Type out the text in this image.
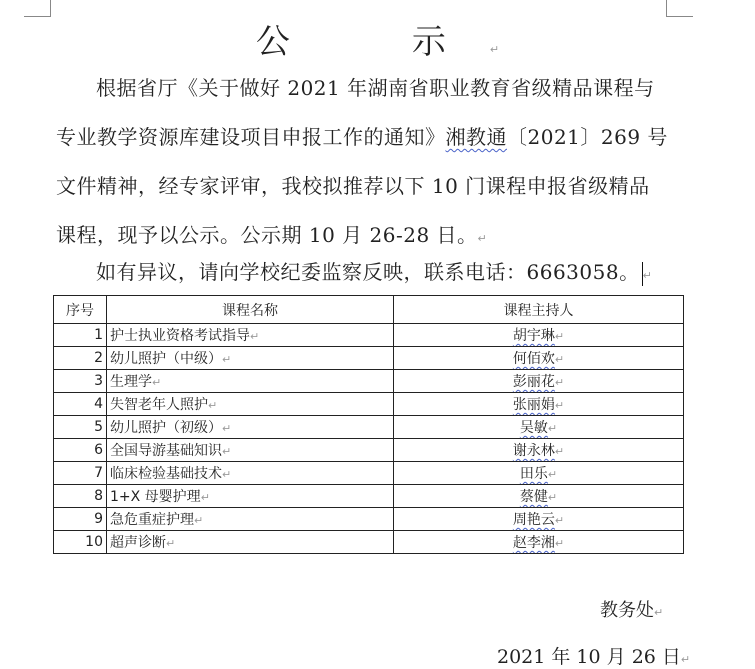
公　示↵
根据省厅《关于做好 2021 年湖南省职业教育省级精品课程与专业教学资源库建设项目申报工作的通知》湘教通〔2021〕269 号文件精神，经专家评审，我校拟推荐以下 10 门课程申报省级精品课程，现予以公示。公示期 10 月 26-28 日。↵
如有异议，请向学校纪委监察反映，联系电话：6663058。 ↵
序号	课程名称	课程主持人
1	护士执业资格考试指导↵	胡宇琳↵
2	幼儿照护（中级）↵	何佰欢↵
3	生理学↵	彭丽花↵
4	失智老年人照护↵	张丽娟↵
5	幼儿照护（初级）↵	吴敏↵
6	全国导游基础知识↵	谢永林↵
7	临床检验基础技术↵	田乐↵
8	1+X 母婴护理↵	蔡健↵
9	急危重症护理↵	周艳云↵
10	超声诊断↵	赵李湘↵
教务处↵
2021 年 10 月 26 日↵
